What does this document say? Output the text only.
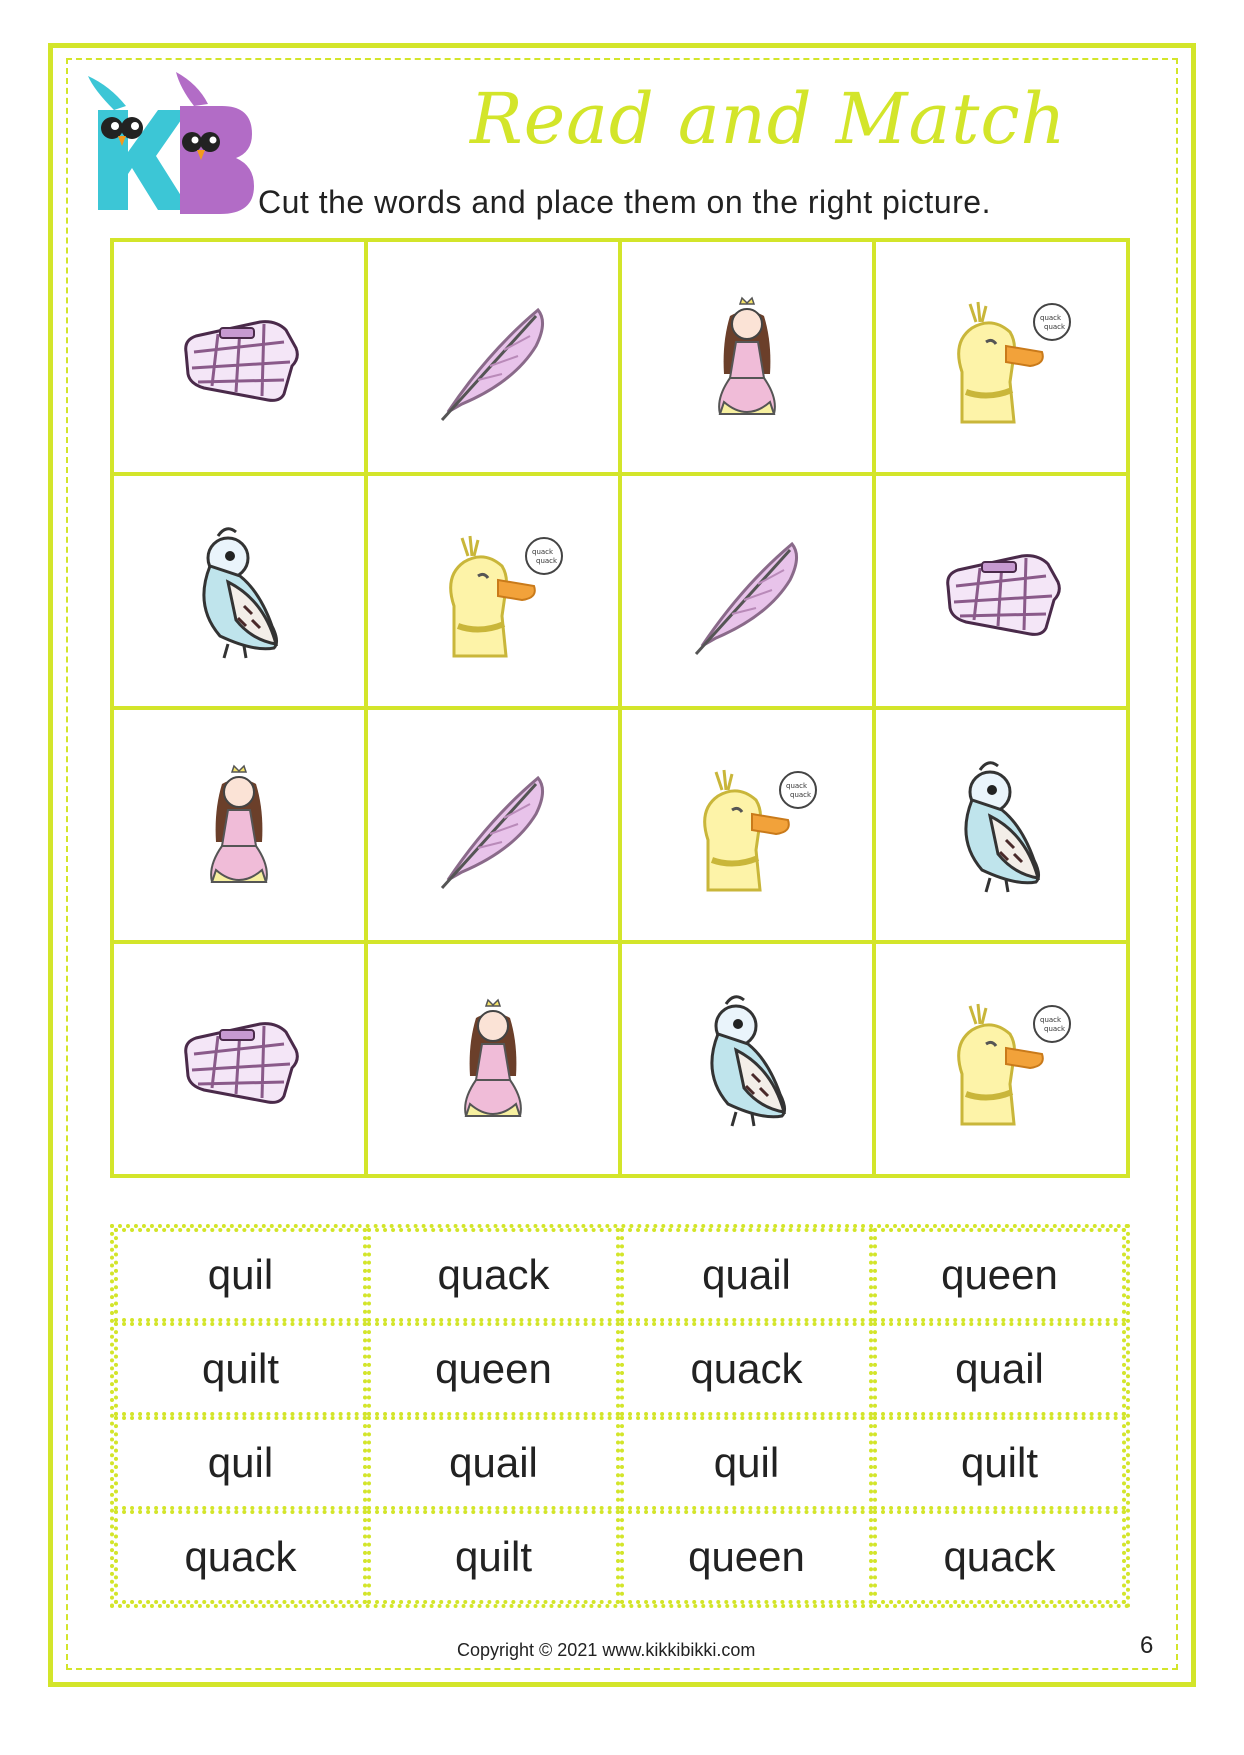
KB
Read and Match
Cut the words and place them on the right picture.
quil	quack	quail	queen
quilt	queen	quack	quail
quil	quail	quil	quilt
quack	quilt	queen	quack
Copyright © 2021 www.kikkibikki.com	6
